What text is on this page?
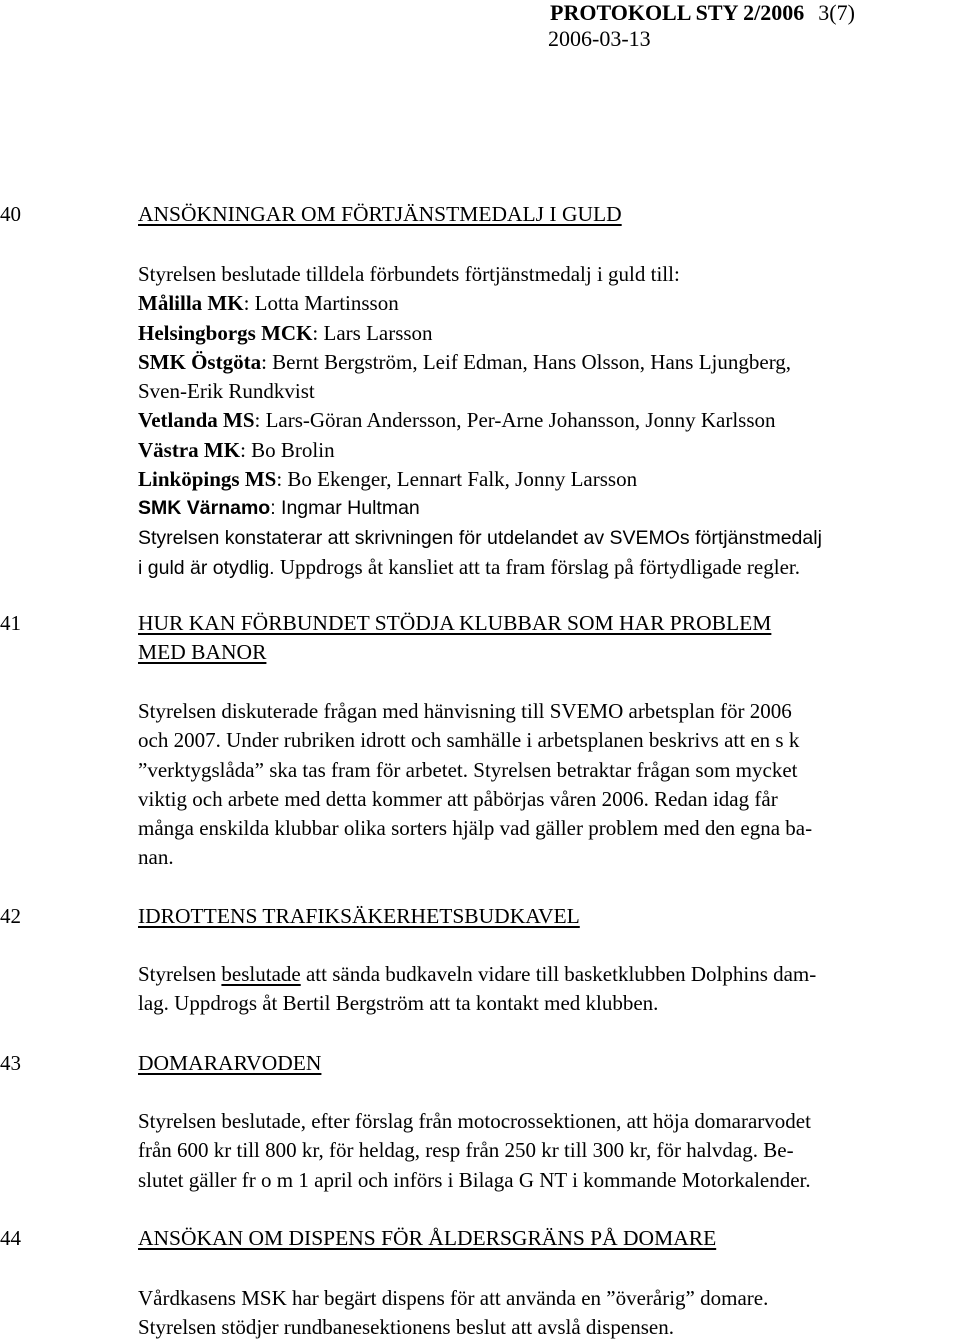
PROTOKOLL STY 2/2006 3(7)
2006-03-13
40	ANSÖKNINGAR OM FÖRTJÄNSTMEDALJ I GULD

Styrelsen beslutade tilldela förbundets förtjänstmedalj i guld till:

Målilla MK: Lotta Martinsson

Helsingborgs MCK: Lars Larsson

SMK Östgöta: Bernt Bergström, Leif Edman, Hans Olsson, Hans Ljungberg,

Sven-Erik Rundkvist

Vetlanda MS: Lars-Göran Andersson, Per-Arne Johansson, Jonny Karlsson

Västra MK: Bo Brolin

Linköpings MS: Bo Ekenger, Lennart Falk, Jonny Larsson

SMK Värnamo: Ingmar Hultman

Styrelsen konstaterar att skrivningen för utdelandet av SVEMOs förtjänstmedalj

i guld är otydlig. Uppdrogs åt kansliet att ta fram förslag på förtydligade regler.

41	HUR KAN FÖRBUNDET STÖDJA KLUBBAR SOM HAR PROBLEM
MED BANOR

Styrelsen diskuterade frågan med hänvisning till SVEMO arbetsplan för 2006

och 2007. Under rubriken idrott och samhälle i arbetsplanen beskrivs att en s k

”verktygslåda” ska tas fram för arbetet. Styrelsen betraktar frågan som mycket

viktig och arbete med detta kommer att påbörjas våren 2006. Redan idag får

många enskilda klubbar olika sorters hjälp vad gäller problem med den egna ba-

nan.

42	IDROTTENS TRAFIKSÄKERHETSBUDKAVEL

Styrelsen beslutade att sända budkaveln vidare till basketklubben Dolphins dam-

lag. Uppdrogs åt Bertil Bergström att ta kontakt med klubben.

43	DOMARARVODEN

Styrelsen beslutade, efter förslag från motocrossektionen, att höja domararvodet

från 600 kr till 800 kr, för heldag, resp från 250 kr till 300 kr, för halvdag. Be-

slutet gäller fr o m 1 april och införs i Bilaga G NT i kommande Motorkalender.

44	ANSÖKAN OM DISPENS FÖR ÅLDERSGRÄNS PÅ DOMARE

Vårdkasens MSK har begärt dispens för att använda en ”överårig” domare.

Styrelsen stödjer rundbanesektionens beslut att avslå dispensen.
